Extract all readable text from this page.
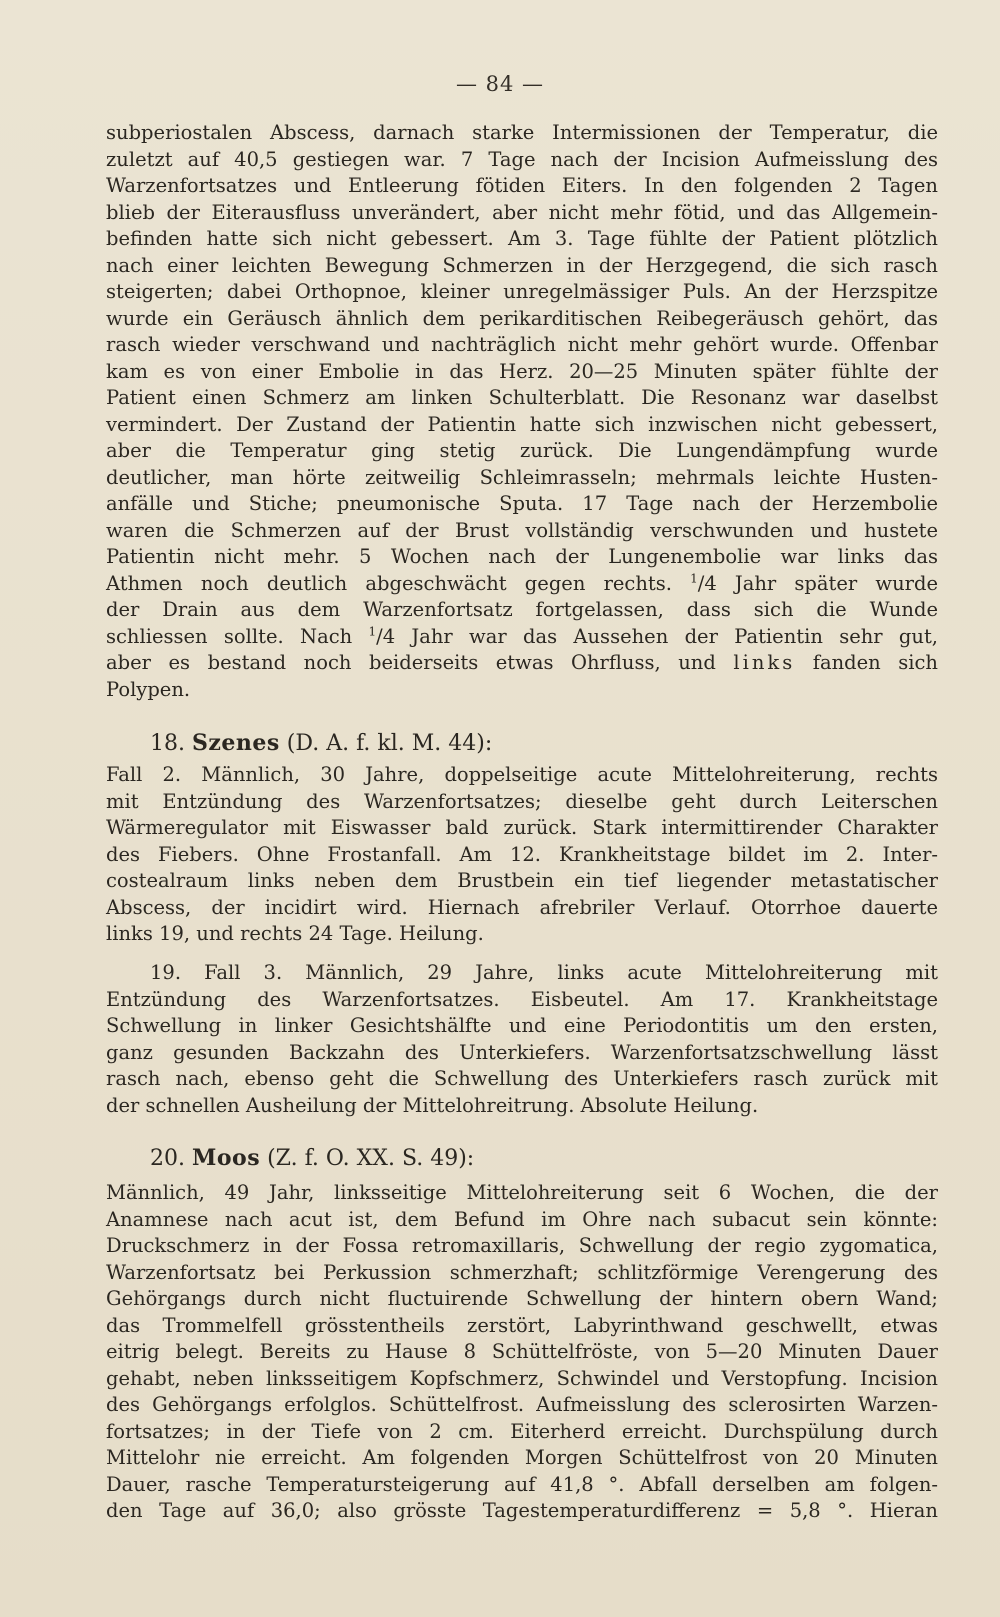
— 84 —
subperiostalen Abscess, darnach starke Intermissionen der Temperatur, die
zuletzt auf 40,5 gestiegen war. 7 Tage nach der Incision Aufmeisslung des
Warzenfortsatzes und Entleerung fötiden Eiters. In den folgenden 2 Tagen
blieb der Eiterausfluss unverändert, aber nicht mehr fötid, und das Allgemein-
befinden hatte sich nicht gebessert. Am 3. Tage fühlte der Patient plötzlich
nach einer leichten Bewegung Schmerzen in der Herzgegend, die sich rasch
steigerten; dabei Orthopnoe, kleiner unregelmässiger Puls. An der Herzspitze
wurde ein Geräusch ähnlich dem perikarditischen Reibegeräusch gehört, das
rasch wieder verschwand und nachträglich nicht mehr gehört wurde. Offenbar
kam es von einer Embolie in das Herz. 20—25 Minuten später fühlte der
Patient einen Schmerz am linken Schulterblatt. Die Resonanz war daselbst
vermindert. Der Zustand der Patientin hatte sich inzwischen nicht gebessert,
aber die Temperatur ging stetig zurück. Die Lungendämpfung wurde
deutlicher, man hörte zeitweilig Schleimrasseln; mehrmals leichte Husten-
anfälle und Stiche; pneumonische Sputa. 17 Tage nach der Herzembolie
waren die Schmerzen auf der Brust vollständig verschwunden und hustete
Patientin nicht mehr. 5 Wochen nach der Lungenembolie war links das
Athmen noch deutlich abgeschwächt gegen rechts. $^1$/4 Jahr später wurde
der Drain aus dem Warzenfortsatz fortgelassen, dass sich die Wunde
schliessen sollte. Nach $^1$/4 Jahr war das Aussehen der Patientin sehr gut,
aber es bestand noch beiderseits etwas Ohrfluss, und links fanden sich
Polypen.
18. Szenes (D. A. f. kl. M. 44):
Fall 2. Männlich, 30 Jahre, doppelseitige acute Mittelohreiterung, rechts
mit Entzündung des Warzenfortsatzes; dieselbe geht durch Leiterschen
Wärmeregulator mit Eiswasser bald zurück. Stark intermittirender Charakter
des Fiebers. Ohne Frostanfall. Am 12. Krankheitstage bildet im 2. Inter-
costealraum links neben dem Brustbein ein tief liegender metastatischer
Abscess, der incidirt wird. Hiernach afrebriler Verlauf. Otorrhoe dauerte
links 19, und rechts 24 Tage. Heilung.
19. Fall 3. Männlich, 29 Jahre, links acute Mittelohreiterung mit
Entzündung des Warzenfortsatzes. Eisbeutel. Am 17. Krankheitstage
Schwellung in linker Gesichtshälfte und eine Periodontitis um den ersten,
ganz gesunden Backzahn des Unterkiefers. Warzenfortsatzschwellung lässt
rasch nach, ebenso geht die Schwellung des Unterkiefers rasch zurück mit
der schnellen Ausheilung der Mittelohreitrung. Absolute Heilung.
20. Moos (Z. f. O. XX. S. 49):
Männlich, 49 Jahr, linksseitige Mittelohreiterung seit 6 Wochen, die der
Anamnese nach acut ist, dem Befund im Ohre nach subacut sein könnte:
Druckschmerz in der Fossa retromaxillaris, Schwellung der regio zygomatica,
Warzenfortsatz bei Perkussion schmerzhaft; schlitzförmige Verengerung des
Gehörgangs durch nicht fluctuirende Schwellung der hintern obern Wand;
das Trommelfell grösstentheils zerstört, Labyrinthwand geschwellt, etwas
eitrig belegt. Bereits zu Hause 8 Schüttelfröste, von 5—20 Minuten Dauer
gehabt, neben linksseitigem Kopfschmerz, Schwindel und Verstopfung. Incision
des Gehörgangs erfolglos. Schüttelfrost. Aufmeisslung des sclerosirten Warzen-
fortsatzes; in der Tiefe von 2 cm. Eiterherd erreicht. Durchspülung durch
Mittelohr nie erreicht. Am folgenden Morgen Schüttelfrost von 20 Minuten
Dauer, rasche Temperatursteigerung auf 41,8 °. Abfall derselben am folgen-
den Tage auf 36,0; also grösste Tagestemperaturdifferenz = 5,8 °. Hieran
